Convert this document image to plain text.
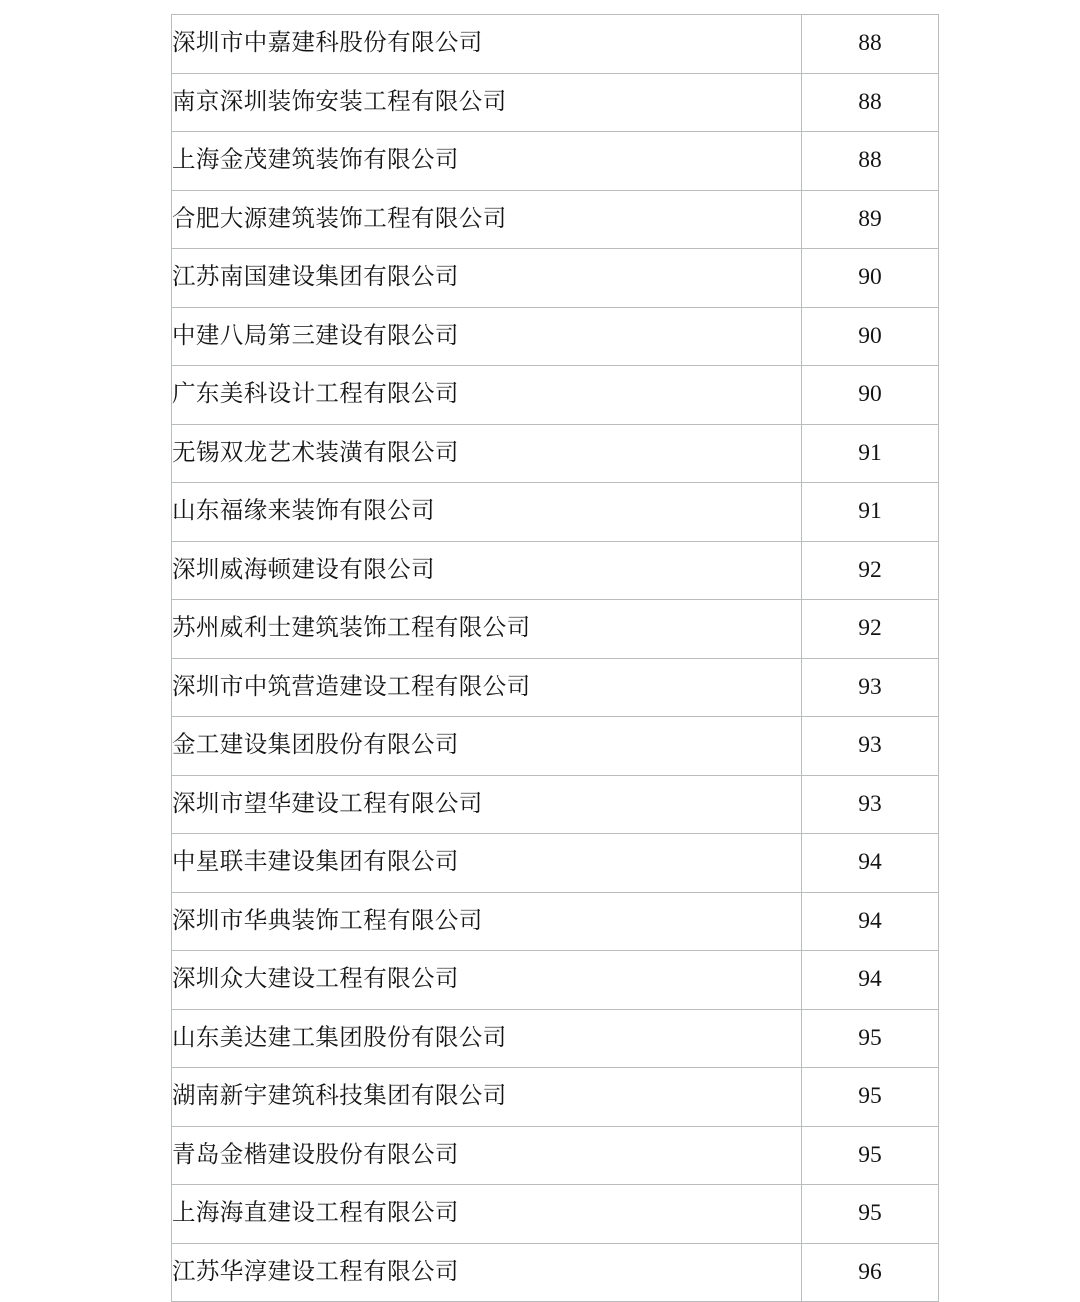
深圳市中嘉建科股份有限公司	88
南京深圳装饰安装工程有限公司	88
上海金茂建筑装饰有限公司	88
合肥大源建筑装饰工程有限公司	89
江苏南国建设集团有限公司	90
中建八局第三建设有限公司	90
广东美科设计工程有限公司	90
无锡双龙艺术装潢有限公司	91
山东福缘来装饰有限公司	91
深圳威海顿建设有限公司	92
苏州威利士建筑装饰工程有限公司	92
深圳市中筑营造建设工程有限公司	93
金工建设集团股份有限公司	93
深圳市望华建设工程有限公司	93
中星联丰建设集团有限公司	94
深圳市华典装饰工程有限公司	94
深圳众大建设工程有限公司	94
山东美达建工集团股份有限公司	95
湖南新宇建筑科技集团有限公司	95
青岛金楷建设股份有限公司	95
上海海直建设工程有限公司	95
江苏华淳建设工程有限公司	96
